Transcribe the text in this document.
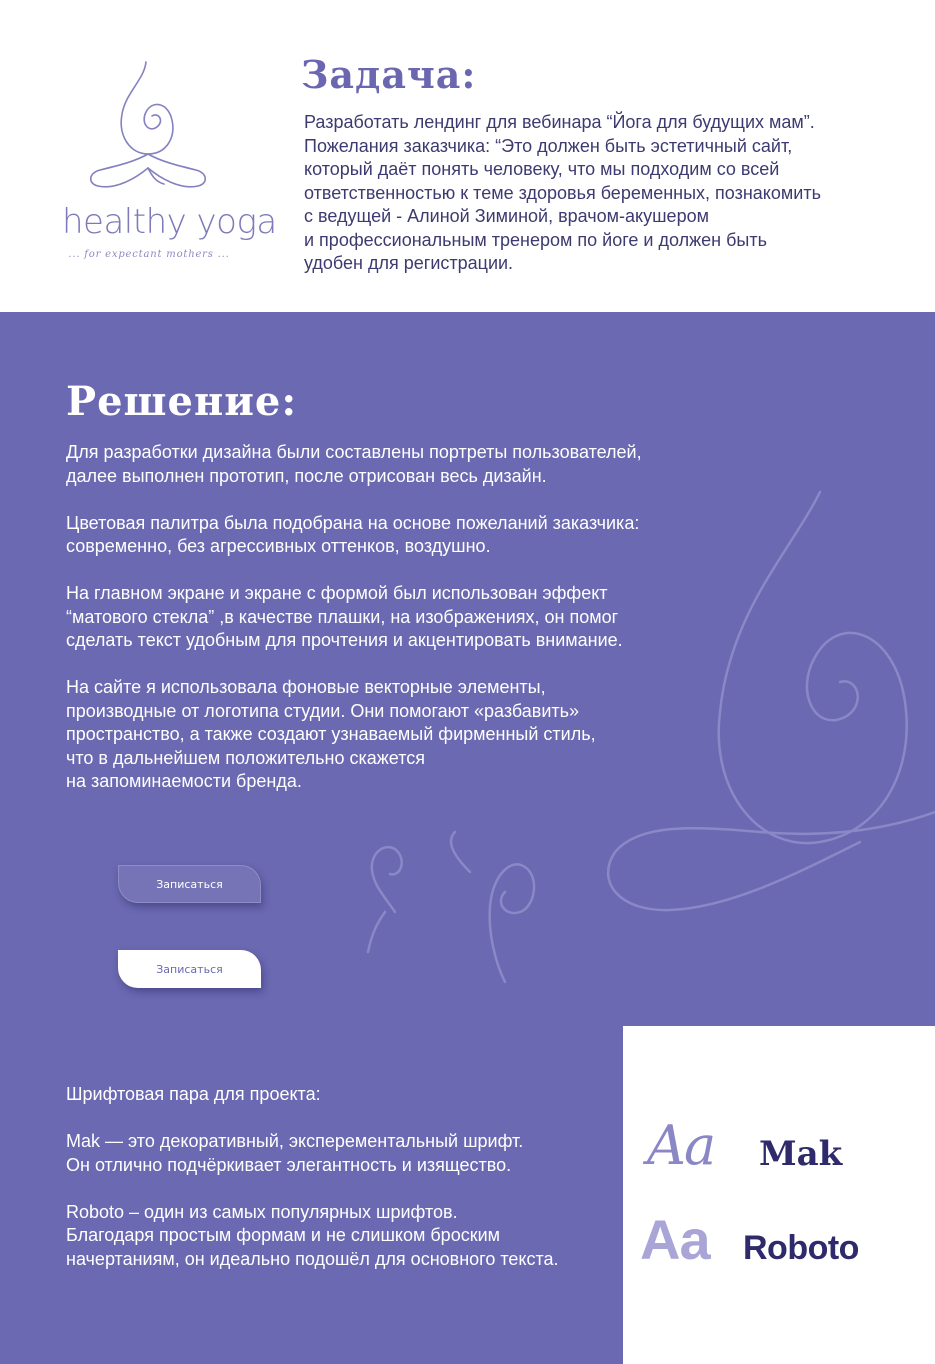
healthy yoga
... for expectant mothers ...
Задача:

Разработать лендинг для вебинара “Йога для будущих мам”.
Пожелания заказчика: “Это должен быть эстетичный сайт,
который даёт понять человеку, что мы подходим со всей
ответственностью к теме здоровья беременных, познакомить
с ведущей - Алиной Зиминой, врачом-акушером
и профессиональным тренером по йоге и должен быть
удобен для регистрации.

Решение:

Для разработки дизайна были составлены портреты пользователей,
далее выполнен прототип, после отрисован весь дизайн.

Цветовая палитра была подобрана на основе пожеланий заказчика:
современно, без агрессивных оттенков, воздушно.

На главном экране и экране с формой был использован эффект
“матового стекла” ,в качестве плашки, на изображениях, он помог
сделать текст удобным для прочтения и акцентировать внимание.

На сайте я использовала фоновые векторные элементы,
производные от логотипа студии. Они помогают «разбавить»
пространство, а также создают узнаваемый фирменный стиль,
что в дальнейшем положительно скажется
на запоминаемости бренда.

Записаться
Записаться

Шрифтовая пара для проекта:

Mak — это декоративный, эксперементальный шрифт.
Он отлично подчёркивает элегантность и изящество.

Roboto – один из самых популярных шрифтов.
Благодаря простым формам и не слишком броским
начертаниям, он идеально подошёл для основного текста.

Aa Mak
Aa Roboto
